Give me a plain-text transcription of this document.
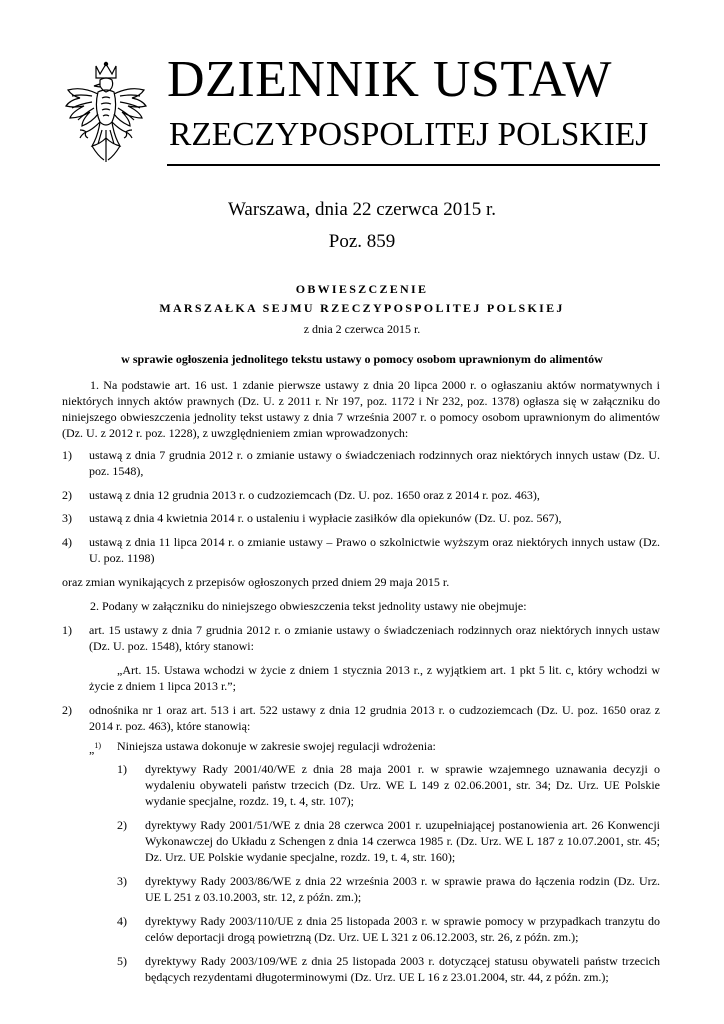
DZIENNIK USTAW
RZECZYPOSPOLITEJ POLSKIEJ
Warszawa, dnia 22 czerwca 2015 r.
Poz. 859
OBWIESZCZENIE
MARSZAŁKA SEJMU RZECZYPOSPOLITEJ POLSKIEJ
z dnia 2 czerwca 2015 r.
w sprawie ogłoszenia jednolitego tekstu ustawy o pomocy osobom uprawnionym do alimentów
1. Na podstawie art. 16 ust. 1 zdanie pierwsze ustawy z dnia 20 lipca 2000 r. o ogłaszaniu aktów normatywnych i niektórych innych aktów prawnych (Dz. U. z 2011 r. Nr 197, poz. 1172 i Nr 232, poz. 1378) ogłasza się w załączniku do niniejszego obwieszczenia jednolity tekst ustawy z dnia 7 września 2007 r. o pomocy osobom uprawnionym do alimentów (Dz. U. z 2012 r. poz. 1228), z uwzględnieniem zmian wprowadzonych:
1) ustawą z dnia 7 grudnia 2012 r. o zmianie ustawy o świadczeniach rodzinnych oraz niektórych innych ustaw (Dz. U. poz. 1548),
2) ustawą z dnia 12 grudnia 2013 r. o cudzoziemcach (Dz. U. poz. 1650 oraz z 2014 r. poz. 463),
3) ustawą z dnia 4 kwietnia 2014 r. o ustaleniu i wypłacie zasiłków dla opiekunów (Dz. U. poz. 567),
4) ustawą z dnia 11 lipca 2014 r. o zmianie ustawy – Prawo o szkolnictwie wyższym oraz niektórych innych ustaw (Dz. U. poz. 1198)
oraz zmian wynikających z przepisów ogłoszonych przed dniem 29 maja 2015 r.
2. Podany w załączniku do niniejszego obwieszczenia tekst jednolity ustawy nie obejmuje:
1) art. 15 ustawy z dnia 7 grudnia 2012 r. o zmianie ustawy o świadczeniach rodzinnych oraz niektórych innych ustaw (Dz. U. poz. 1548), który stanowi:
„Art. 15. Ustawa wchodzi w życie z dniem 1 stycznia 2013 r., z wyjątkiem art. 1 pkt 5 lit. c, który wchodzi w życie z dniem 1 lipca 2013 r.”;
2) odnośnika nr 1 oraz art. 513 i art. 522 ustawy z dnia 12 grudnia 2013 r. o cudzoziemcach (Dz. U. poz. 1650 oraz z 2014 r. poz. 463), które stanowią:
„$^{1)}$ Niniejsza ustawa dokonuje w zakresie swojej regulacji wdrożenia:
1) dyrektywy Rady 2001/40/WE z dnia 28 maja 2001 r. w sprawie wzajemnego uznawania decyzji o wydaleniu obywateli państw trzecich (Dz. Urz. WE L 149 z 02.06.2001, str. 34; Dz. Urz. UE Polskie wydanie specjalne, rozdz. 19, t. 4, str. 107);
2) dyrektywy Rady 2001/51/WE z dnia 28 czerwca 2001 r. uzupełniającej postanowienia art. 26 Konwencji Wykonawczej do Układu z Schengen z dnia 14 czerwca 1985 r. (Dz. Urz. WE L 187 z 10.07.2001, str. 45; Dz. Urz. UE Polskie wydanie specjalne, rozdz. 19, t. 4, str. 160);
3) dyrektywy Rady 2003/86/WE z dnia 22 września 2003 r. w sprawie prawa do łączenia rodzin (Dz. Urz. UE L 251 z 03.10.2003, str. 12, z późn. zm.);
4) dyrektywy Rady 2003/110/UE z dnia 25 listopada 2003 r. w sprawie pomocy w przypadkach tranzytu do celów deportacji drogą powietrzną (Dz. Urz. UE L 321 z 06.12.2003, str. 26, z późn. zm.);
5) dyrektywy Rady 2003/109/WE z dnia 25 listopada 2003 r. dotyczącej statusu obywateli państw trzecich będących rezydentami długoterminowymi (Dz. Urz. UE L 16 z 23.01.2004, str. 44, z późn. zm.);
